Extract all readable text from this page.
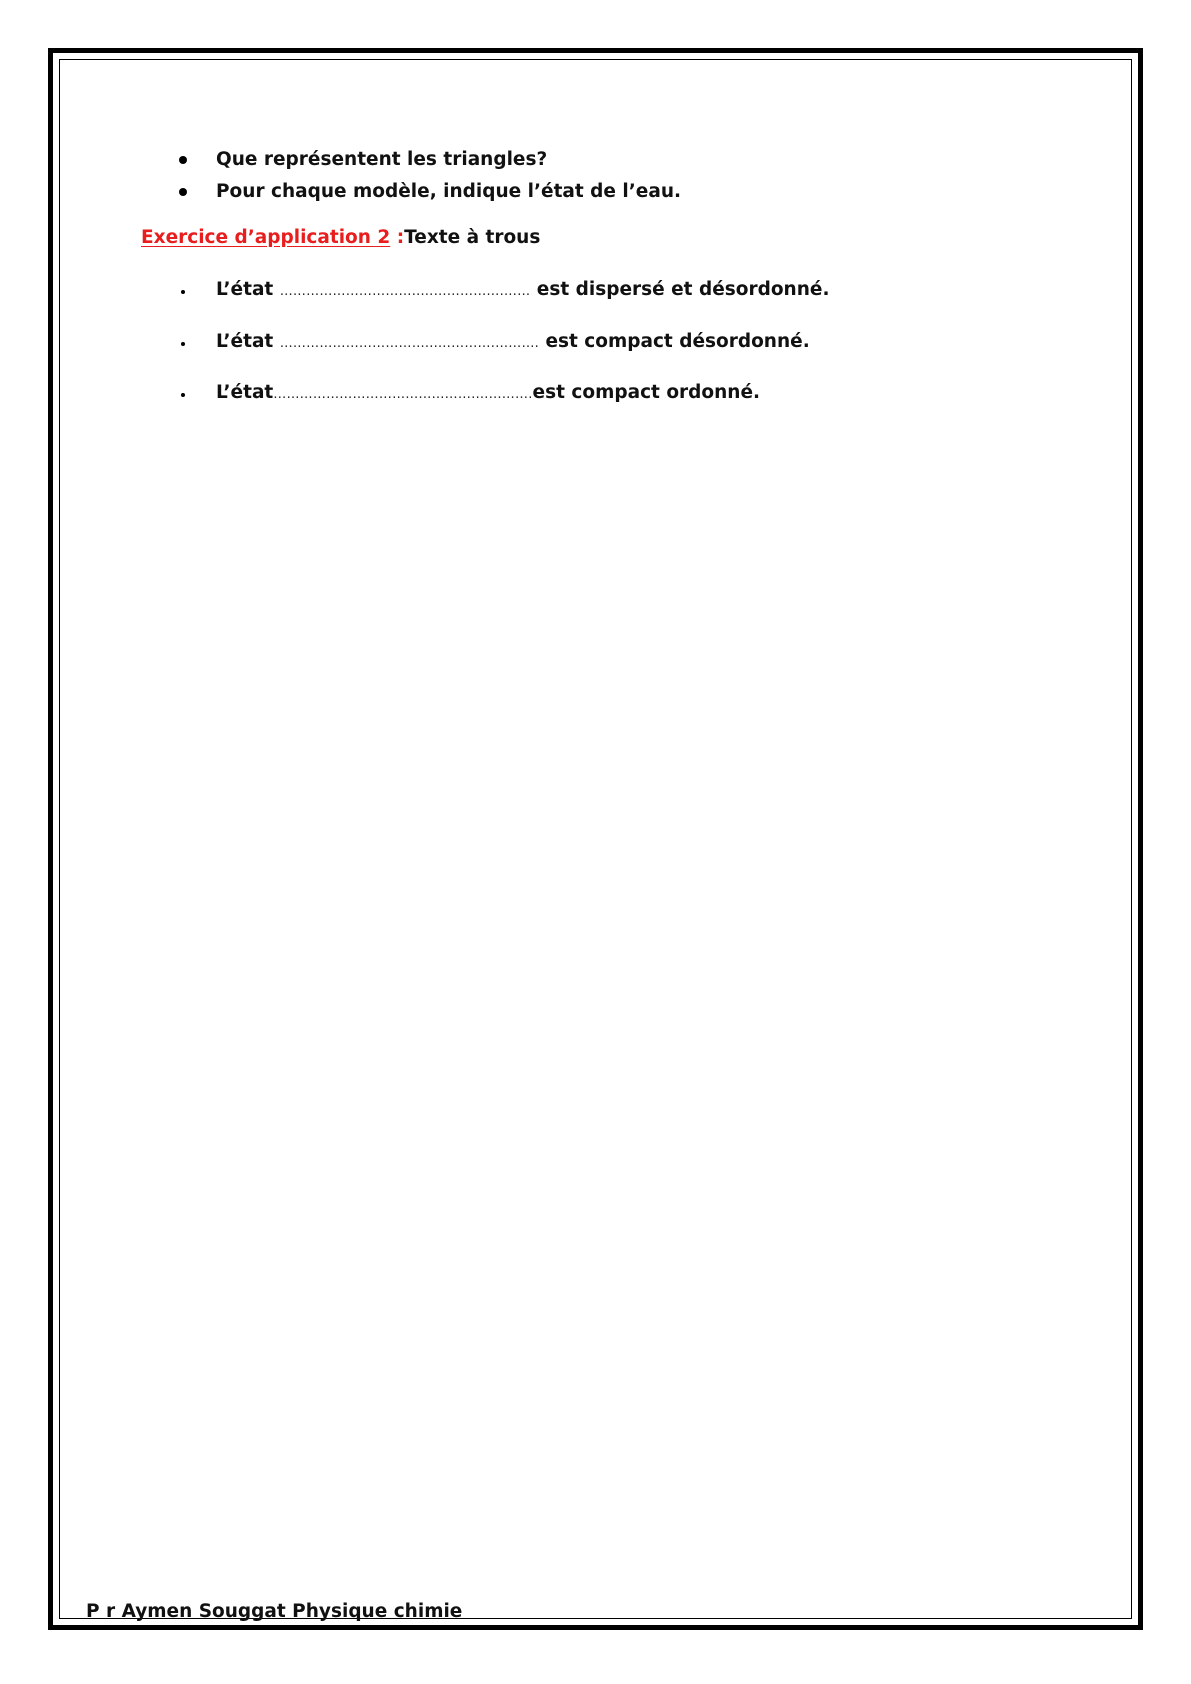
Que représentent les triangles?
Pour chaque modèle, indique l’état de l’eau.
Exercice d’application 2 :Texte à trous
L’état …………………………..……………….…… est dispersé et désordonné.
L’état ……………………………...………….………. est compact désordonné.
L’état……………………………...………….……….est compact ordonné.
P r Aymen Souggat Physique chimie
